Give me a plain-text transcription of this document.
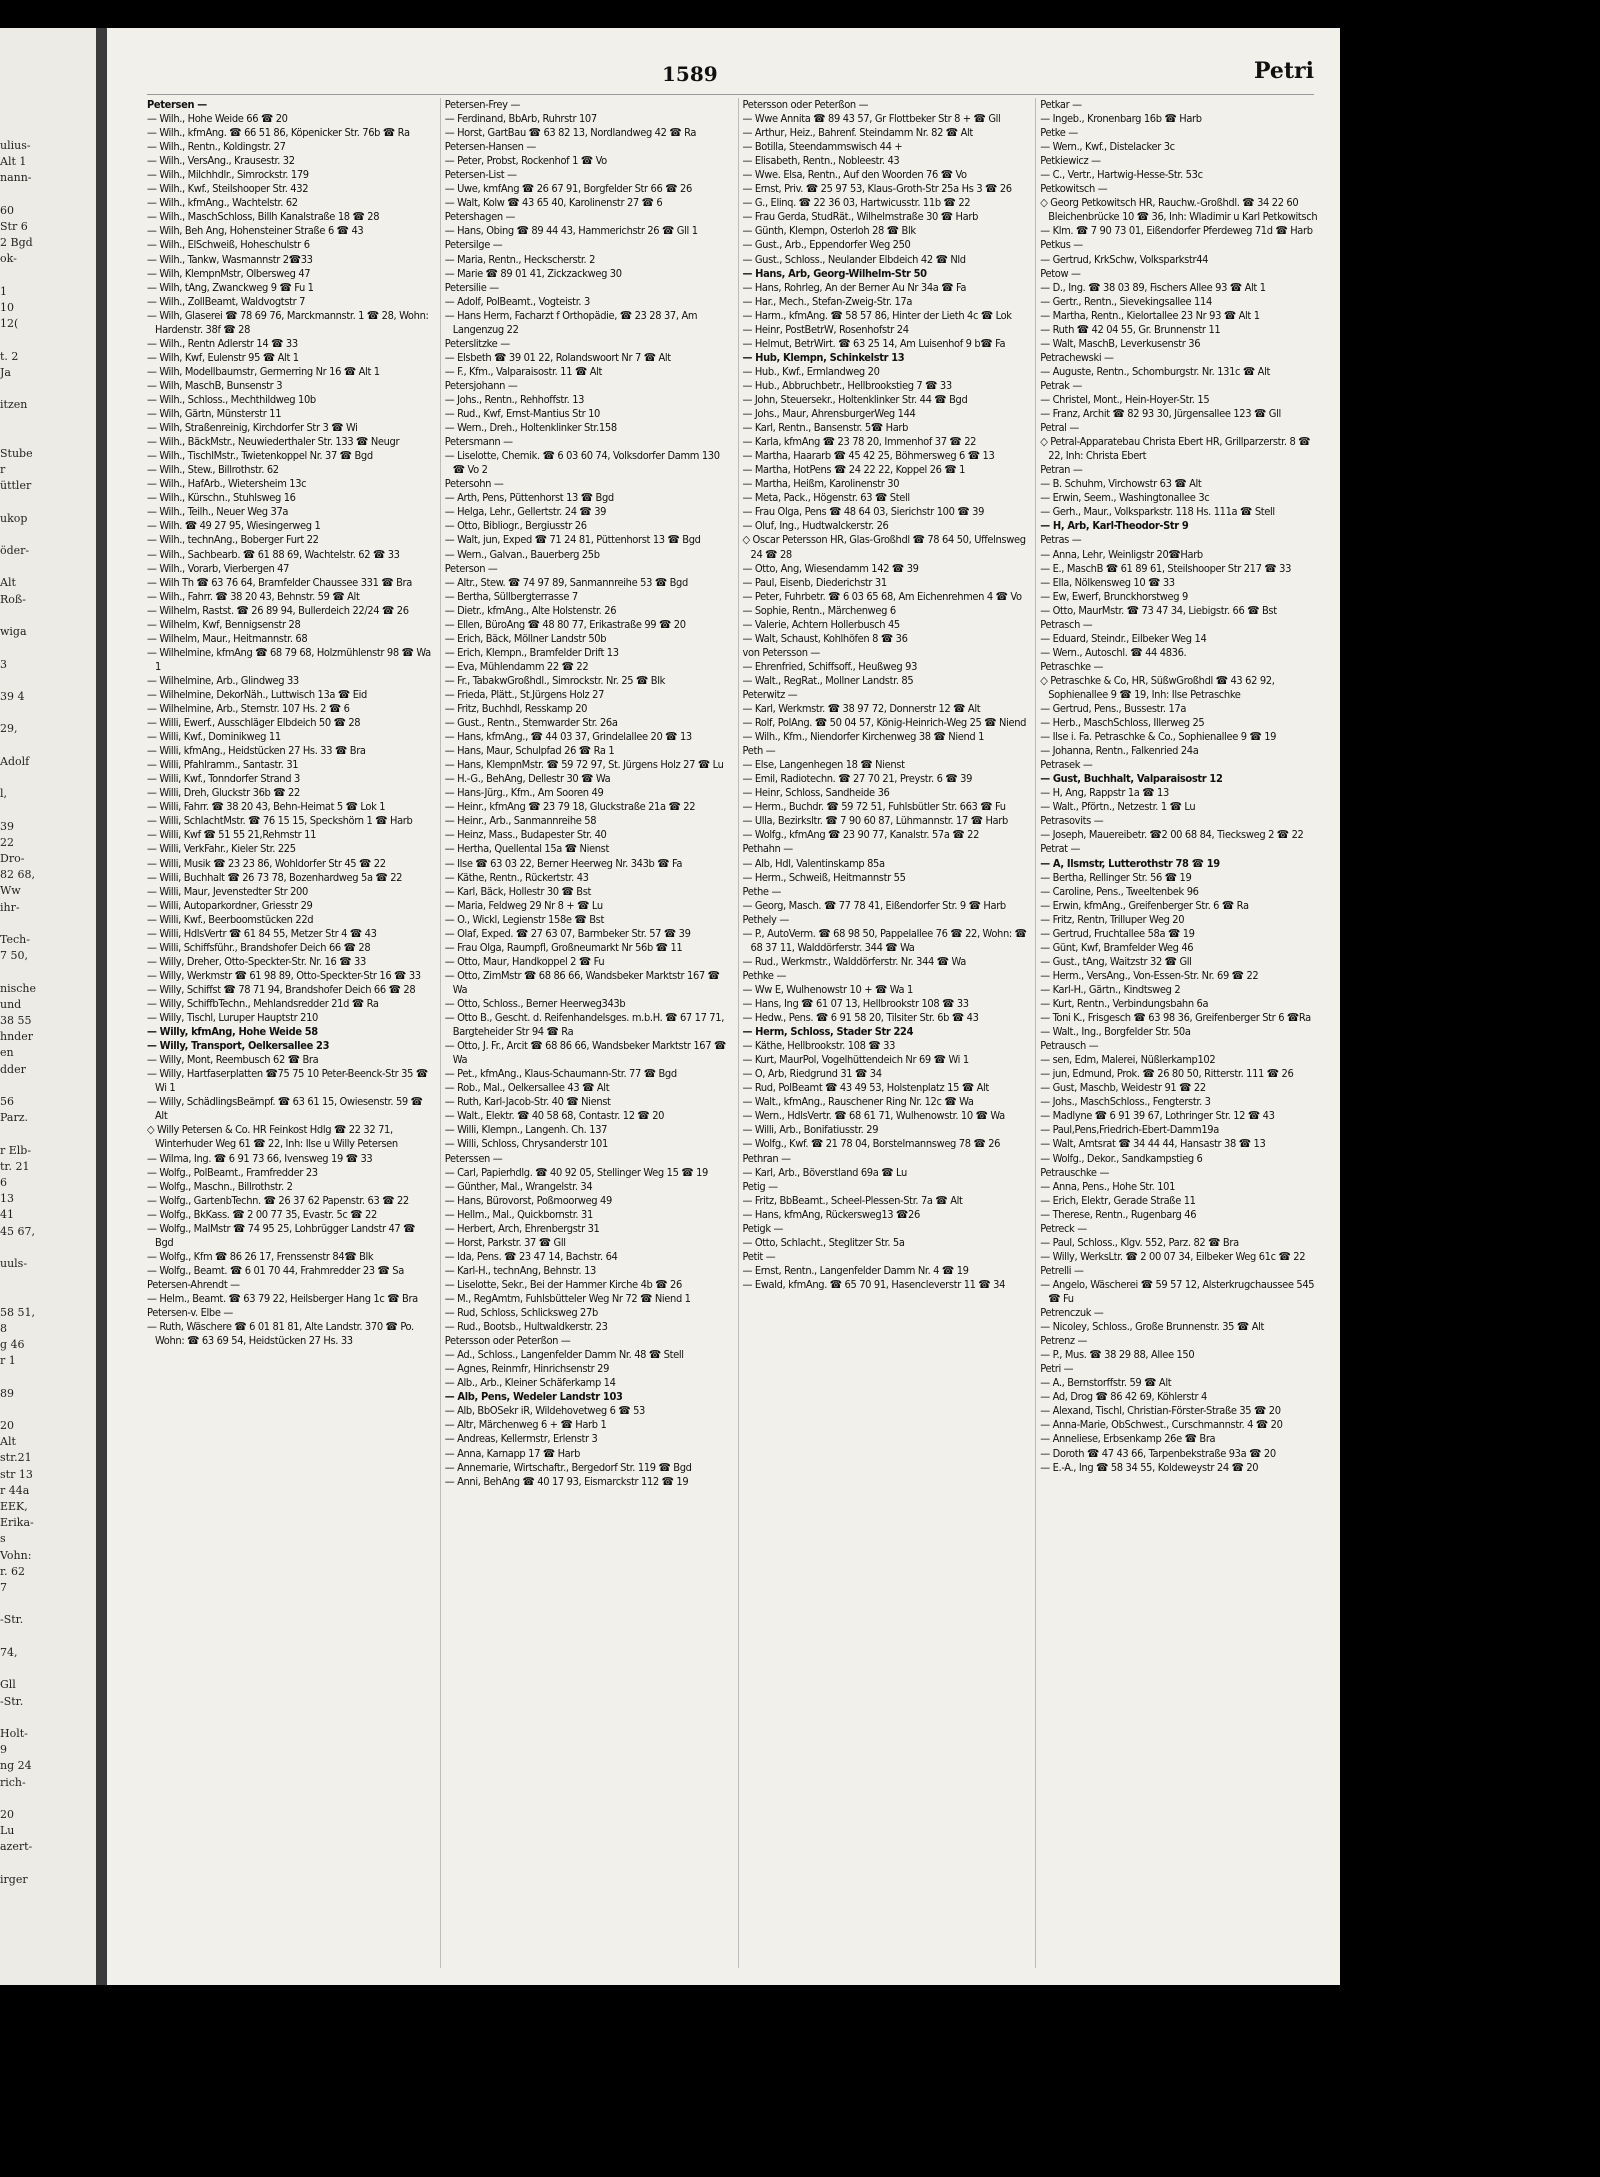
ulius-
Alt 1
nann-

60
Str 6
2 Bgd
ok-

1
10
12(

t. 2
Ja

itzen

Stube
r
üttler

ukop

öder-

Alt
Roß-

wiga

3

39 4

29,

Adolf

l,

39
22
Dro-
82 68,
Ww
ihr-

Tech-
7 50,

nische
und
38 55
hnder
en
dder

56
Parz.

r Elb-
tr. 21
6
13
41
45 67,

uuls-

58 51,
8
g 46
r 1

89

20
Alt
str.21
str 13
r 44a
EEK,
Erika-
s
Vohn:
r. 62
7

-Str.

74,

Gll
-Str.

Holt-
9
ng 24
rich-

20
Lu
azert-

irger
1589	Petri

Petersen —

— Wilh., Hohe Weide 66 ☎ 20

— Wilh., kfmAng. ☎ 66 51 86, Köpenicker Str. 76b ☎ Ra

— Wilh., Rentn., Koldingstr. 27

— Wilh., VersAng., Krausestr. 32

— Wilh., Milchhdlr., Simrockstr. 179

— Wilh., Kwf., Steilshooper Str. 432

— Wilh., kfmAng., Wachtelstr. 62

— Wilh., MaschSchloss, Billh Kanalstraße 18 ☎ 28

— Wilh, Beh Ang, Hohensteiner Straße 6 ☎ 43

— Wilh., ElSchweiß, Hoheschulstr 6

— Wilh., Tankw, Wasmannstr 2☎33

— Wilh, KlempnMstr, Olbersweg 47

— Wilh, tAng, Zwanckweg 9 ☎ Fu 1

— Wilh., ZollBeamt, Waldvogtstr 7

— Wilh, Glaserei ☎ 78 69 76, Marckmannstr. 1 ☎ 28, Wohn: Hardenstr. 38f ☎ 28

— Wilh., Rentn Adlerstr 14 ☎ 33

— Wilh, Kwf, Eulenstr 95 ☎ Alt 1

— Wilh, Modellbaumstr, Germerring Nr 16 ☎ Alt 1

— Wilh, MaschB, Bunsenstr 3

— Wilh., Schloss., Mechthildweg 10b

— Wilh, Gärtn, Münsterstr 11

— Wilh, Straßenreinig, Kirchdorfer Str 3 ☎ Wi

— Wilh., BäckMstr., Neuwiederthaler Str. 133 ☎ Neugr

— Wilh., TischlMstr., Twietenkoppel Nr. 37 ☎ Bgd

— Wilh., Stew., Billrothstr. 62

— Wilh., HafArb., Wietersheim 13c

— Wilh., Kürschn., Stuhlsweg 16

— Wilh., Teilh., Neuer Weg 37a

— Wilh. ☎ 49 27 95, Wiesingerweg 1

— Wilh., technAng., Boberger Furt 22

— Wilh., Sachbearb. ☎ 61 88 69, Wachtelstr. 62 ☎ 33

— Wilh., Vorarb, Vierbergen 47

— Wilh Th ☎ 63 76 64, Bramfelder Chaussee 331 ☎ Bra

— Wilh., Fahrr. ☎ 38 20 43, Behnstr. 59 ☎ Alt

— Wilhelm, Rastst. ☎ 26 89 94, Bullerdeich 22/24 ☎ 26

— Wilhelm, Kwf, Bennigsenstr 28

— Wilhelm, Maur., Heitmannstr. 68

— Wilhelmine, kfmAng ☎ 68 79 68, Holzmühlenstr 98 ☎ Wa 1

— Wilhelmine, Arb., Glindweg 33

— Wilhelmine, DekorNäh., Luttwisch 13a ☎ Eid

— Wilhelmine, Arb., Sternstr. 107 Hs. 2 ☎ 6

— Willi, Ewerf., Ausschläger Elbdeich 50 ☎ 28

— Willi, Kwf., Dominikweg 11

— Willi, kfmAng., Heidstücken 27 Hs. 33 ☎ Bra

— Willi, Pfahlramm., Santastr. 31

— Willi, Kwf., Tonndorfer Strand 3

— Willi, Dreh, Gluckstr 36b ☎ 22

— Willi, Fahrr. ☎ 38 20 43, Behn-Heimat 5 ☎ Lok 1

— Willi, SchlachtMstr. ☎ 76 15 15, Speckshörn 1 ☎ Harb

— Willi, Kwf ☎ 51 55 21,Rehmstr 11

— Willi, VerkFahr., Kieler Str. 225

— Willi, Musik ☎ 23 23 86, Wohldorfer Str 45 ☎ 22

— Willi, Buchhalt ☎ 26 73 78, Bozenhardweg 5a ☎ 22

— Willi, Maur, Jevenstedter Str 200

— Willi, Autoparkordner, Griesstr 29

— Willi, Kwf., Beerboomstücken 22d

— Willi, HdlsVertr ☎ 61 84 55, Metzer Str 4 ☎ 43

— Willi, Schiffsführ., Brandshofer Deich 66 ☎ 28

— Willy, Dreher, Otto-Speckter-Str. Nr. 16 ☎ 33

— Willy, Werkmstr ☎ 61 98 89, Otto-Speckter-Str 16 ☎ 33

— Willy, Schiffst ☎ 78 71 94, Brandshofer Deich 66 ☎ 28

— Willy, SchiffbTechn., Mehlandsredder 21d ☎ Ra

— Willy, Tischl, Luruper Hauptstr 210

— Willy, kfmAng, Hohe Weide 58

— Willy, Transport, Oelkersallee 23

— Willy, Mont, Reembusch 62 ☎ Bra

— Willy, Hartfaserplatten ☎75 75 10 Peter-Beenck-Str 35 ☎ Wi 1

— Willy, SchädlingsBeämpf. ☎ 63 61 15, Owiesenstr. 59 ☎ Alt

◇ Willy Petersen & Co. HR Feinkost Hdlg ☎ 22 32 71, Winterhuder Weg 61 ☎ 22, Inh: Ilse u Willy Petersen

— Wilma, Ing. ☎ 6 91 73 66, Ivensweg 19 ☎ 33

— Wolfg., PolBeamt., Framfredder 23

— Wolfg., Maschn., Billrothstr. 2

— Wolfg., GartenbTechn. ☎ 26 37 62 Papenstr. 63 ☎ 22

— Wolfg., BkKass. ☎ 2 00 77 35, Evastr. 5c ☎ 22

— Wolfg., MalMstr ☎ 74 95 25, Lohbrügger Landstr 47 ☎ Bgd

— Wolfg., Kfm ☎ 86 26 17, Frenssenstr 84☎ Blk

— Wolfg., Beamt. ☎ 6 01 70 44, Frahmredder 23 ☎ Sa

Petersen-Ahrendt —

— Helm., Beamt. ☎ 63 79 22, Heilsberger Hang 1c ☎ Bra

Petersen-v. Elbe —

— Ruth, Wäschere ☎ 6 01 81 81, Alte Landstr. 370 ☎ Po. Wohn: ☎ 63 69 54, Heidstücken 27 Hs. 33

Petersen-Frey —

— Ferdinand, BbArb, Ruhrstr 107

— Horst, GartBau ☎ 63 82 13, Nordlandweg 42 ☎ Ra

Petersen-Hansen —

— Peter, Probst, Rockenhof 1 ☎ Vo

Petersen-List —

— Uwe, kmfAng ☎ 26 67 91, Borgfelder Str 66 ☎ 26

— Walt, Kolw ☎ 43 65 40, Karolinenstr 27 ☎ 6

Petershagen —

— Hans, Obing ☎ 89 44 43, Hammerichstr 26 ☎ Gll 1

Petersilge —

— Maria, Rentn., Heckscherstr. 2

— Marie ☎ 89 01 41, Zickzackweg 30

Petersilie —

— Adolf, PolBeamt., Vogteistr. 3

— Hans Herm, Facharzt f Orthopädie, ☎ 23 28 37, Am Langenzug 22

Peterslitzke —

— Elsbeth ☎ 39 01 22, Rolandswoort Nr 7 ☎ Alt

— F., Kfm., Valparaisostr. 11 ☎ Alt

Petersjohann —

— Johs., Rentn., Rehhoffstr. 13

— Rud., Kwf, Ernst-Mantius Str 10

— Wern., Dreh., Holtenklinker Str.158

Petersmann —

— Liselotte, Chemik. ☎ 6 03 60 74, Volksdorfer Damm 130 ☎ Vo 2

Petersohn —

— Arth, Pens, Püttenhorst 13 ☎ Bgd

— Helga, Lehr., Gellertstr. 24 ☎ 39

— Otto, Bibliogr., Bergiusstr 26

— Walt, jun, Exped ☎ 71 24 81, Püttenhorst 13 ☎ Bgd

— Wern., Galvan., Bauerberg 25b

Peterson —

— Altr., Stew. ☎ 74 97 89, Sanmannreihe 53 ☎ Bgd

— Bertha, Süllbergterrasse 7

— Dietr., kfmAng., Alte Holstenstr. 26

— Ellen, BüroAng ☎ 48 80 77, Erikastraße 99 ☎ 20

— Erich, Bäck, Möllner Landstr 50b

— Erich, Klempn., Bramfelder Drift 13

— Eva, Mühlendamm 22 ☎ 22

— Fr., TabakwGroßhdl., Simrockstr. Nr. 25 ☎ Blk

— Frieda, Plätt., St.Jürgens Holz 27

— Fritz, Buchhdl, Resskamp 20

— Gust., Rentn., Stemwarder Str. 26a

— Hans, kfmAng., ☎ 44 03 37, Grindelallee 20 ☎ 13

— Hans, Maur, Schulpfad 26 ☎ Ra 1

— Hans, KlempnMstr. ☎ 59 72 97, St. Jürgens Holz 27 ☎ Lu

— H.-G., BehAng, Dellestr 30 ☎ Wa

— Hans-Jürg., Kfm., Am Sooren 49

— Heinr., kfmAng ☎ 23 79 18, Gluckstraße 21a ☎ 22

— Heinr., Arb., Sanmannreihe 58

— Heinz, Mass., Budapester Str. 40

— Hertha, Quellental 15a ☎ Nienst

— Ilse ☎ 63 03 22, Berner Heerweg Nr. 343b ☎ Fa

— Käthe, Rentn., Rückertstr. 43

— Karl, Bäck, Hollestr 30 ☎ Bst

— Maria, Feldweg 29 Nr 8 + ☎ Lu

— O., Wickl, Legienstr 158e ☎ Bst

— Olaf, Exped. ☎ 27 63 07, Barmbeker Str. 57 ☎ 39

— Frau Olga, Raumpfl, Großneumarkt Nr 56b ☎ 11

— Otto, Maur, Handkoppel 2 ☎ Fu

— Otto, ZimMstr ☎ 68 86 66, Wandsbeker Marktstr 167 ☎ Wa

— Otto, Schloss., Berner Heerweg343b

— Otto B., Gescht. d. Reifenhandelsges. m.b.H. ☎ 67 17 71, Bargteheider Str 94 ☎ Ra

— Otto, J. Fr., Arcit ☎ 68 86 66, Wandsbeker Marktstr 167 ☎ Wa

— Pet., kfmAng., Klaus-Schaumann-Str. 77 ☎ Bgd

— Rob., Mal., Oelkersallee 43 ☎ Alt

— Ruth, Karl-Jacob-Str. 40 ☎ Nienst

— Walt., Elektr. ☎ 40 58 68, Contastr. 12 ☎ 20

— Willi, Klempn., Langenh. Ch. 137

— Willi, Schloss, Chrysanderstr 101

Peterssen —

— Carl, Papierhdlg. ☎ 40 92 05, Stellinger Weg 15 ☎ 19

— Günther, Mal., Wrangelstr. 34

— Hans, Bürovorst, Poßmoorweg 49

— Hellm., Mal., Quickbornstr. 31

— Herbert, Arch, Ehrenbergstr 31

— Horst, Parkstr. 37 ☎ Gll

— Ida, Pens. ☎ 23 47 14, Bachstr. 64

— Karl-H., technAng, Behnstr. 13

— Liselotte, Sekr., Bei der Hammer Kirche 4b ☎ 26

— M., RegAmtm, Fuhlsbütteler Weg Nr 72 ☎ Niend 1

— Rud, Schloss, Schlicksweg 27b

— Rud., Bootsb., Hultwaldkerstr. 23

Petersson oder Peterßon —

— Ad., Schloss., Langenfelder Damm Nr. 48 ☎ Stell

— Agnes, Reinmfr, Hinrichsenstr 29

— Alb., Arb., Kleiner Schäferkamp 14

— Alb, Pens, Wedeler Landstr 103

— Alb, BbOSekr iR, Wildehovetweg 6 ☎ 53

— Altr, Märchenweg 6 + ☎ Harb 1

— Andreas, Kellermstr, Erlenstr 3

— Anna, Karnapp 17 ☎ Harb

— Annemarie, Wirtschaftr., Bergedorf Str. 119 ☎ Bgd

— Anni, BehAng ☎ 40 17 93, Eismarckstr 112 ☎ 19

Petersson oder Peterßon —

— Wwe Annita ☎ 89 43 57, Gr Flottbeker Str 8 + ☎ Gll

— Arthur, Heiz., Bahrenf. Steindamm Nr. 82 ☎ Alt

— Botilla, Steendammswisch 44 +

— Elisabeth, Rentn., Nobleestr. 43

— Wwe. Elsa, Rentn., Auf den Woorden 76 ☎ Vo

— Ernst, Priv. ☎ 25 97 53, Klaus-Groth-Str 25a Hs 3 ☎ 26

— G., Elinq. ☎ 22 36 03, Hartwicusstr. 11b ☎ 22

— Frau Gerda, StudRät., Wilhelmstraße 30 ☎ Harb

— Günth, Klempn, Osterloh 28 ☎ Blk

— Gust., Arb., Eppendorfer Weg 250

— Gust., Schloss., Neulander Elbdeich 42 ☎ Nld

— Hans, Arb, Georg-Wilhelm-Str 50

— Hans, Rohrleg, An der Berner Au Nr 34a ☎ Fa

— Har., Mech., Stefan-Zweig-Str. 17a

— Harm., kfmAng. ☎ 58 57 86, Hinter der Lieth 4c ☎ Lok

— Heinr, PostBetrW, Rosenhofstr 24

— Helmut, BetrWirt. ☎ 63 25 14, Am Luisenhof 9 b☎ Fa

— Hub, Klempn, Schinkelstr 13

— Hub., Kwf., Ermlandweg 20

— Hub., Abbruchbetr., Hellbrookstieg 7 ☎ 33

— John, Steuersekr., Holtenklinker Str. 44 ☎ Bgd

— Johs., Maur, AhrensburgerWeg 144

— Karl, Rentn., Bansenstr. 5☎ Harb

— Karla, kfmAng ☎ 23 78 20, Immenhof 37 ☎ 22

— Martha, Haararb ☎ 45 42 25, Böhmersweg 6 ☎ 13

— Martha, HotPens ☎ 24 22 22, Koppel 26 ☎ 1

— Martha, Heißm, Karolinenstr 30

— Meta, Pack., Högenstr. 63 ☎ Stell

— Frau Olga, Pens ☎ 48 64 03, Sierichstr 100 ☎ 39

— Oluf, Ing., Hudtwalckerstr. 26

◇ Oscar Petersson HR, Glas-Großhdl ☎ 78 64 50, Uffelnsweg 24 ☎ 28

— Otto, Ang, Wiesendamm 142 ☎ 39

— Paul, Eisenb, Diederichstr 31

— Peter, Fuhrbetr. ☎ 6 03 65 68, Am Eichenrehmen 4 ☎ Vo

— Sophie, Rentn., Märchenweg 6

— Valerie, Achtern Hollerbusch 45

— Walt, Schaust, Kohlhöfen 8 ☎ 36

von Petersson —

— Ehrenfried, Schiffsoff., Heußweg 93

— Walt., RegRat., Mollner Landstr. 85

Peterwitz —

— Karl, Werkmstr. ☎ 38 97 72, Donnerstr 12 ☎ Alt

— Rolf, PolAng. ☎ 50 04 57, König-Heinrich-Weg 25 ☎ Niend

— Wilh., Kfm., Niendorfer Kirchenweg 38 ☎ Niend 1

Peth —

— Else, Langenhegen 18 ☎ Nienst

— Emil, Radiotechn. ☎ 27 70 21, Preystr. 6 ☎ 39

— Heinr, Schloss, Sandheide 36

— Herm., Buchdr. ☎ 59 72 51, Fuhlsbütler Str. 663 ☎ Fu

— Ulla, Bezirksltr. ☎ 7 90 60 87, Lühmannstr. 17 ☎ Harb

— Wolfg., kfmAng ☎ 23 90 77, Kanalstr. 57a ☎ 22

Pethahn —

— Alb, Hdl, Valentinskamp 85a

— Herm., Schweiß, Heitmannstr 55

Pethe —

— Georg, Masch. ☎ 77 78 41, Eißendorfer Str. 9 ☎ Harb

Pethely —

— P., AutoVerm. ☎ 68 98 50, Pappelallee 76 ☎ 22, Wohn: ☎ 68 37 11, Walddörferstr. 344 ☎ Wa

— Rud., Werkmstr., Walddörferstr. Nr. 344 ☎ Wa

Pethke —

— Ww E, Wulhenowstr 10 + ☎ Wa 1

— Hans, Ing ☎ 61 07 13, Hellbrookstr 108 ☎ 33

— Hedw., Pens. ☎ 6 91 58 20, Tilsiter Str. 6b ☎ 43

— Herm, Schloss, Stader Str 224

— Käthe, Hellbrookstr. 108 ☎ 33

— Kurt, MaurPol, Vogelhüttendeich Nr 69 ☎ Wi 1

— O, Arb, Riedgrund 31 ☎ 34

— Rud, PolBeamt ☎ 43 49 53, Holstenplatz 15 ☎ Alt

— Walt., kfmAng., Rauschener Ring Nr. 12c ☎ Wa

— Wern., HdlsVertr. ☎ 68 61 71, Wulhenowstr. 10 ☎ Wa

— Willi, Arb., Bonifatiusstr. 29

— Wolfg., Kwf. ☎ 21 78 04, Borstelmannsweg 78 ☎ 26

Pethran —

— Karl, Arb., Böverstland 69a ☎ Lu

Petig —

— Fritz, BbBeamt., Scheel-Plessen-Str. 7a ☎ Alt

— Hans, kfmAng, Rückersweg13 ☎26

Petigk —

— Otto, Schlacht., Steglitzer Str. 5a

Petit —

— Ernst, Rentn., Langenfelder Damm Nr. 4 ☎ 19

— Ewald, kfmAng. ☎ 65 70 91, Hasencleverstr 11 ☎ 34

Petkar —

— Ingeb., Kronenbarg 16b ☎ Harb

Petke —

— Wern., Kwf., Distelacker 3c

Petkiewicz —

— C., Vertr., Hartwig-Hesse-Str. 53c

Petkowitsch —

◇ Georg Petkowitsch HR, Rauchw.-Großhdl. ☎ 34 22 60 Bleichenbrücke 10 ☎ 36, Inh: Wladimir u Karl Petkowitsch

— Klm. ☎ 7 90 73 01, Eißendorfer Pferdeweg 71d ☎ Harb

Petkus —

— Gertrud, KrkSchw, Volksparkstr44

Petow —

— D., Ing. ☎ 38 03 89, Fischers Allee 93 ☎ Alt 1

— Gertr., Rentn., Sievekingsallee 114

— Martha, Rentn., Kielortallee 23 Nr 93 ☎ Alt 1

— Ruth ☎ 42 04 55, Gr. Brunnenstr 11

— Walt, MaschB, Leverkusenstr 36

Petrachewski —

— Auguste, Rentn., Schomburgstr. Nr. 131c ☎ Alt

Petrak —

— Christel, Mont., Hein-Hoyer-Str. 15

— Franz, Archit ☎ 82 93 30, Jürgensallee 123 ☎ Gll

Petral —

◇ Petral-Apparatebau Christa Ebert HR, Grillparzerstr. 8 ☎ 22, Inh: Christa Ebert

Petran —

— B. Schuhm, Virchowstr 63 ☎ Alt

— Erwin, Seem., Washingtonallee 3c

— Gerh., Maur., Volksparkstr. 118 Hs. 111a ☎ Stell

— H, Arb, Karl-Theodor-Str 9

Petras —

— Anna, Lehr, Weinligstr 20☎Harb

— E., MaschB ☎ 61 89 61, Steilshooper Str 217 ☎ 33

— Ella, Nölkensweg 10 ☎ 33

— Ew, Ewerf, Brunckhorstweg 9

— Otto, MaurMstr. ☎ 73 47 34, Liebigstr. 66 ☎ Bst

Petrasch —

— Eduard, Steindr., Eilbeker Weg 14

— Wern., Autoschl. ☎ 44 4836.

Petraschke —

◇ Petraschke & Co, HR, SüßwGroßhdl ☎ 43 62 92, Sophienallee 9 ☎ 19, Inh: Ilse Petraschke

— Gertrud, Pens., Bussestr. 17a

— Herb., MaschSchloss, Illerweg 25

— Ilse i. Fa. Petraschke & Co., Sophienallee 9 ☎ 19

— Johanna, Rentn., Falkenried 24a

Petrasek —

— Gust, Buchhalt, Valparaisostr 12

— H, Ang, Rappstr 1a ☎ 13

— Walt., Pförtn., Netzestr. 1 ☎ Lu

Petrasovits —

— Joseph, Mauereibetr. ☎2 00 68 84, Tiecksweg 2 ☎ 22

Petrat —

— A, Ilsmstr, Lutterothstr 78 ☎ 19

— Bertha, Rellinger Str. 56 ☎ 19

— Caroline, Pens., Tweeltenbek 96

— Erwin, kfmAng., Greifenberger Str. 6 ☎ Ra

— Fritz, Rentn, Trilluper Weg 20

— Gertrud, Fruchtallee 58a ☎ 19

— Günt, Kwf, Bramfelder Weg 46

— Gust., tAng, Waitzstr 32 ☎ Gll

— Herm., VersAng., Von-Essen-Str. Nr. 69 ☎ 22

— Karl-H., Gärtn., Kindtsweg 2

— Kurt, Rentn., Verbindungsbahn 6a

— Toni K., Frisgesch ☎ 63 98 36, Greifenberger Str 6 ☎Ra

— Walt., Ing., Borgfelder Str. 50a

Petrausch —

— sen, Edm, Malerei, Nüßlerkamp102

— jun, Edmund, Prok. ☎ 26 80 50, Ritterstr. 111 ☎ 26

— Gust, Maschb, Weidestr 91 ☎ 22

— Johs., MaschSchloss., Fengterstr. 3

— Madlyne ☎ 6 91 39 67, Lothringer Str. 12 ☎ 43

— Paul,Pens,Friedrich-Ebert-Damm19a

— Walt, Amtsrat ☎ 34 44 44, Hansastr 38 ☎ 13

— Wolfg., Dekor., Sandkampstieg 6

Petrauschke —

— Anna, Pens., Hohe Str. 101

— Erich, Elektr, Gerade Straße 11

— Therese, Rentn., Rugenbarg 46

Petreck —

— Paul, Schloss., Klgv. 552, Parz. 82 ☎ Bra

— Willy, WerksLtr. ☎ 2 00 07 34, Eilbeker Weg 61c ☎ 22

Petrelli —

— Angelo, Wäscherei ☎ 59 57 12, Alsterkrugchaussee 545 ☎ Fu

Petrenczuk —

— Nicoley, Schloss., Große Brunnenstr. 35 ☎ Alt

Petrenz —

— P., Mus. ☎ 38 29 88, Allee 150

Petri —

— A., Bernstorffstr. 59 ☎ Alt

— Ad, Drog ☎ 86 42 69, Köhlerstr 4

— Alexand, Tischl, Christian-Förster-Straße 35 ☎ 20

— Anna-Marie, ObSchwest., Curschmannstr. 4 ☎ 20

— Anneliese, Erbsenkamp 26e ☎ Bra

— Doroth ☎ 47 43 66, Tarpenbekstraße 93a ☎ 20

— E.-A., Ing ☎ 58 34 55, Koldeweystr 24 ☎ 20
